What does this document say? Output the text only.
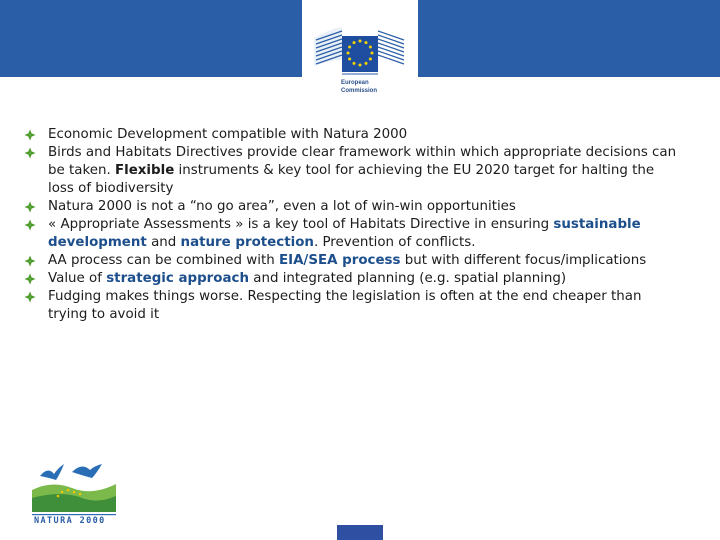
European
Commission
Economic Development compatible with Natura 2000
Birds and Habitats Directives provide clear framework within which appropriate decisions can be taken. Flexible instruments & key tool for achieving the EU 2020 target for halting the loss of biodiversity
Natura 2000 is not a “no go area”, even a lot of win-win opportunities
« Appropriate Assessments » is a key tool of Habitats Directive in ensuring sustainable development and nature protection. Prevention of conflicts.
AA process can be combined with EIA/SEA process but with different focus/implications
Value of strategic approach and integrated planning (e.g. spatial planning)
Fudging makes things worse. Respecting the legislation is often at the end cheaper than trying to avoid it
NATURA 2000
